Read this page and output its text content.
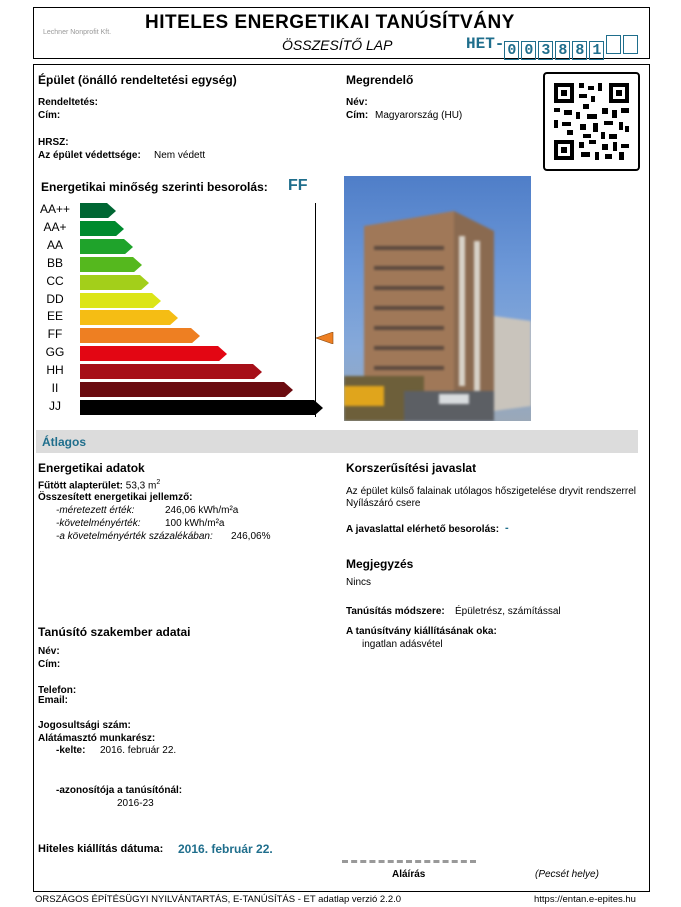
Lechner Nonprofit Kft. HITELES ENERGETIKAI TANÚSÍTVÁNY
ÖSSZESÍTŐ LAP	HET- 0 0 3 8 8 1
Épület (önálló rendeltetési egység)
Rendeltetés:
Cím:
HRSZ:
Az épület védettsége: Nem védett
Megrendelő
Név:
Cím: Magyarország (HU)
Energetikai minőség szerinti besorolás: FF
AA++
AA+
AA
BB
CC
DD
EE
FF
GG
HH
II
JJ
Átlagos
Energetikai adatok
Fűtött alapterület: 53,3 $m^2$
Összesített energetikai jellemző:
-méretezett érték:	246,06 kWh/m²a
-követelményérték: 100 kWh/m²a
-a követelményérték százalékában: 246,06%
Korszerűsítési javaslat
Az épület külső falainak utólagos hőszigetelése dryvit rendszerrel Nyílászáró csere
A javaslattal elérhető besorolás: -
Megjegyzés
Nincs
Tanúsítás módszere: Épületrész, számítással
A tanúsítvány kiállításának oka:
ingatlan adásvétel
Tanúsító szakember adatai
Név:
Cím:
Telefon:
Email:
Jogosultsági szám:
Alátámasztó munkarész:
-kelte: 2016. február 22.
-azonosítója a tanúsítónál:
2016-23
Hiteles kiállítás dátuma: 2016. február 22.
Aláírás	(Pecsét helye)
ORSZÁGOS ÉPÍTÉSÜGYI NYILVÁNTARTÁS, E-TANÚSÍTÁS - ET adatlap verzió 2.2.0	https://entan.e-epites.hu
